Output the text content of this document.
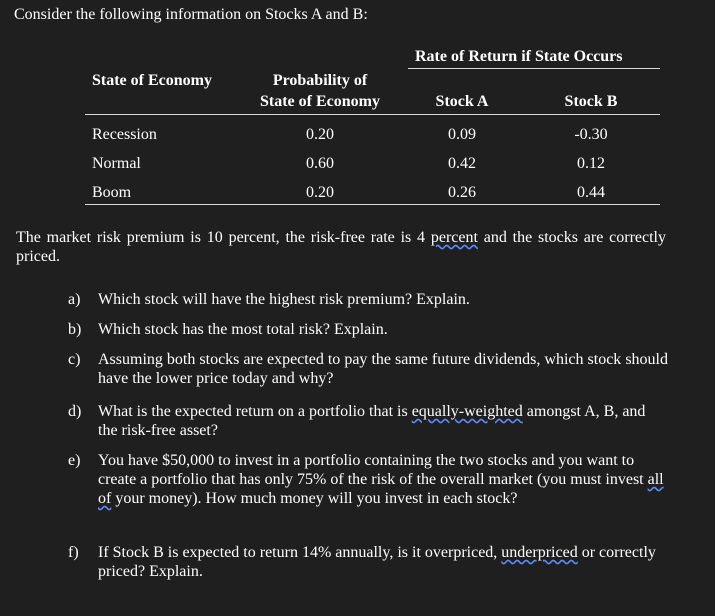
Consider the following information on Stocks A and B:
Rate of Return if State Occurs
State of Economy	Probability of
State of Economy	Stock A	Stock B
Recession	0.20	0.09	-0.30
Normal	0.60	0.42	0.12
Boom	0.20	0.26	0.44
The market risk premium is 10 percent, the risk-free rate is 4 percent and the stocks are correctly priced.
a)	Which stock will have the highest risk premium? Explain.
b)	Which stock has the most total risk? Explain.
c)	Assuming both stocks are expected to pay the same future dividends, which stock should have the lower price today and why?
d)	What is the expected return on a portfolio that is equally-weighted amongst A, B, and the risk-free asset?
e)	You have $50,000 to invest in a portfolio containing the two stocks and you want to create a portfolio that has only 75% of the risk of the overall market (you must invest all of your money). How much money will you invest in each stock?
f)	If Stock B is expected to return 14% annually, is it overpriced, underpriced or correctly priced? Explain.
